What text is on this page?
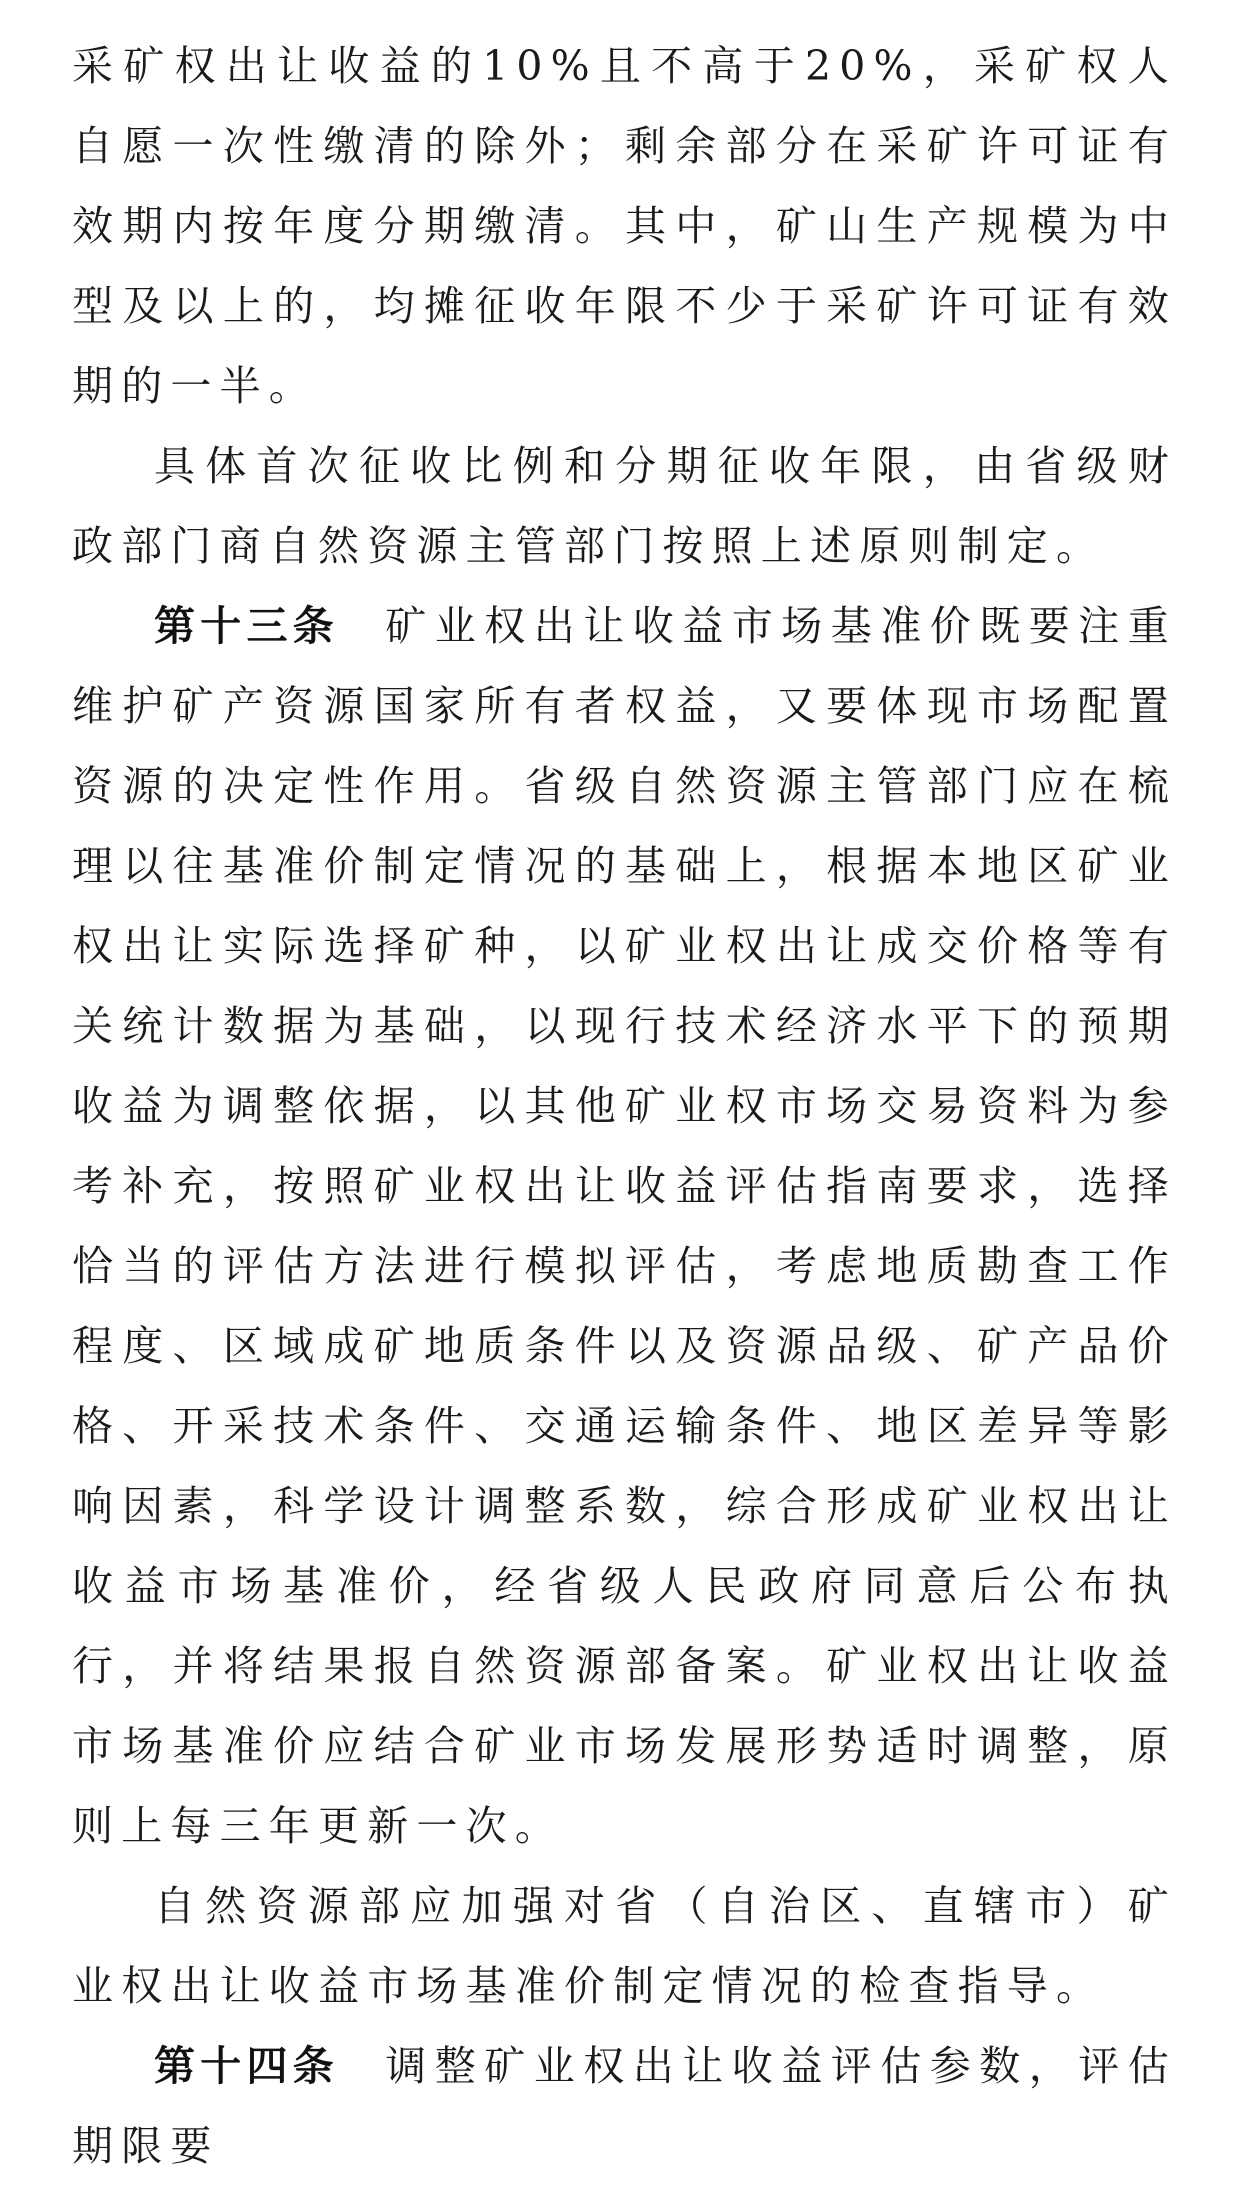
采矿权出让收益的10%且不高于20%，采矿权人自愿一次性缴清的除外；剩余部分在采矿许可证有效期内按年度分期缴清。其中，矿山生产规模为中型及以上的，均摊征收年限不少于采矿许可证有效期的一半。

具体首次征收比例和分期征收年限，由省级财政部门商自然资源主管部门按照上述原则制定。

第十三条 矿业权出让收益市场基准价既要注重维护矿产资源国家所有者权益，又要体现市场配置资源的决定性作用。省级自然资源主管部门应在梳理以往基准价制定情况的基础上，根据本地区矿业权出让实际选择矿种，以矿业权出让成交价格等有关统计数据为基础，以现行技术经济水平下的预期收益为调整依据，以其他矿业权市场交易资料为参考补充，按照矿业权出让收益评估指南要求，选择恰当的评估方法进行模拟评估，考虑地质勘查工作程度、区域成矿地质条件以及资源品级、矿产品价格、开采技术条件、交通运输条件、地区差异等影响因素，科学设计调整系数，综合形成矿业权出让收益市场基准价，经省级人民政府同意后公布执行，并将结果报自然资源部备案。矿业权出让收益市场基准价应结合矿业市场发展形势适时调整，原则上每三年更新一次。

自然资源部应加强对省（自治区、直辖市）矿业权出让收益市场基准价制定情况的检查指导。

第十四条 调整矿业权出让收益评估参数，评估期限要
